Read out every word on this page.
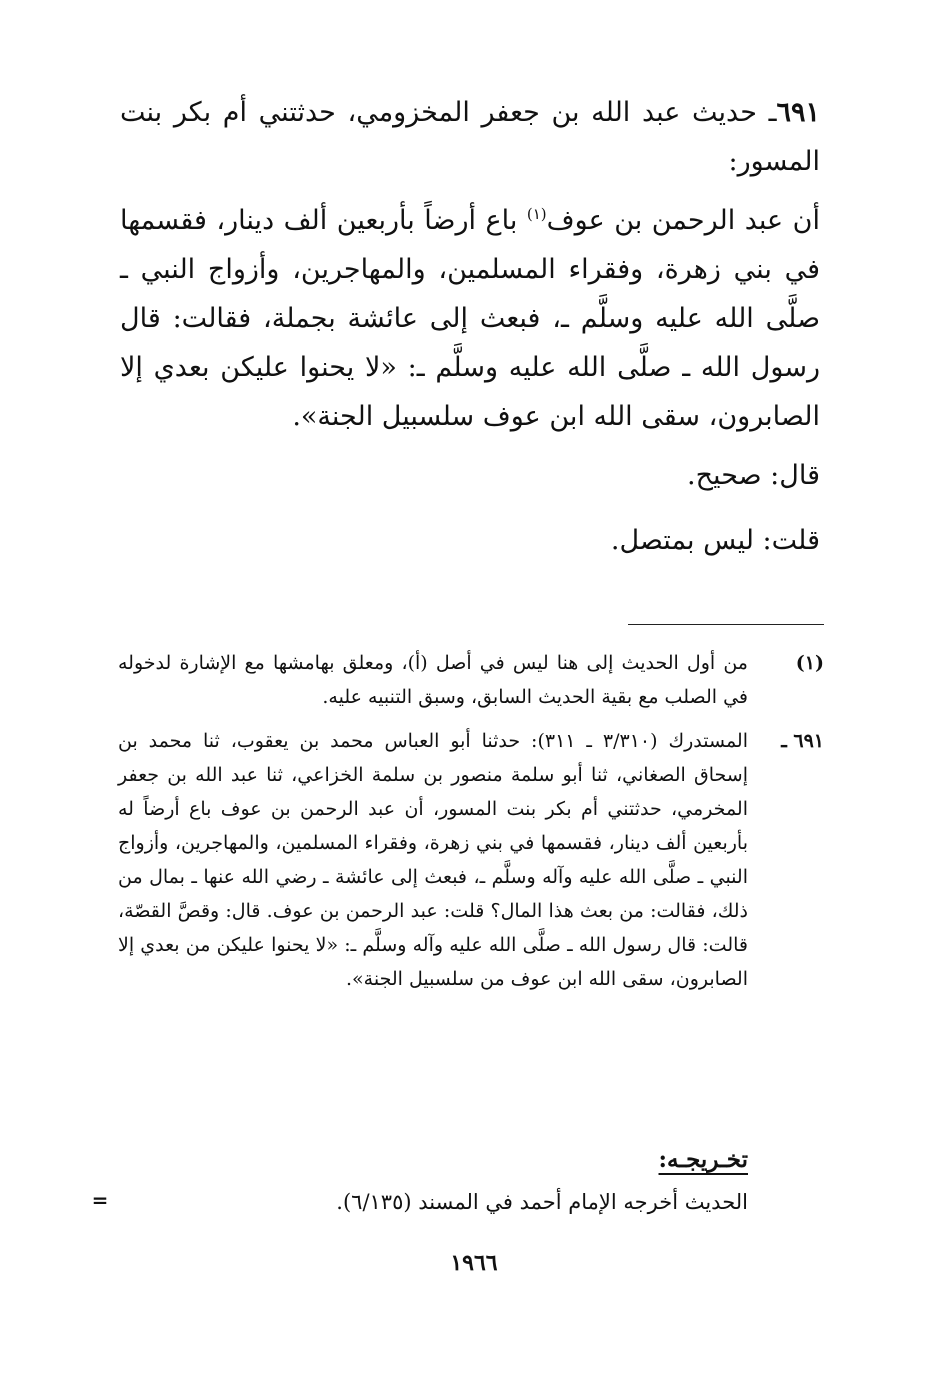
٦٩١ـ حديث عبد الله بن جعفر المخزومي، حدثتني أم بكر بنت المسور:

أن عبد الرحمن بن عوف$^{(١)}$ باع أرضاً بأربعين ألف دينار، فقسمها في بني زهرة، وفقراء المسلمين، والمهاجرين، وأزواج النبي ـ صلَّى الله عليه وسلَّم ـ، فبعث إلى عائشة بجملة، فقالت: قال رسول الله ـ صلَّى الله عليه وسلَّم ـ: «لا يحنوا عليكن بعدي إلا الصابرون، سقى الله ابن عوف سلسبيل الجنة».

قال: صحيح.

قلت: ليس بمتصل.

(١)
من أول الحديث إلى هنا ليس في أصل (أ)، ومعلق بهامشها مع الإشارة لدخوله في الصلب مع بقية الحديث السابق، وسبق التنبيه عليه.
٦٩١ ـ
المستدرك (٣/٣١٠ ـ ٣١١): حدثنا أبو العباس محمد بن يعقوب، ثنا محمد بن إسحاق الصغاني، ثنا أبو سلمة منصور بن سلمة الخزاعي، ثنا عبد الله بن جعفر المخرمي، حدثتني أم بكر بنت المسور، أن عبد الرحمن بن عوف باع أرضاً له بأربعين ألف دينار، فقسمها في بني زهرة، وفقراء المسلمين، والمهاجرين، وأزواج النبي ـ صلَّى الله عليه وآله وسلَّم ـ، فبعث إلى عائشة ـ رضي الله عنها ـ بمال من ذلك، فقالت: من بعث هذا المال؟ قلت: عبد الرحمن بن عوف. قال: وقصَّ القصّة، قالت: قال رسول الله ـ صلَّى الله عليه وآله وسلَّم ـ: «لا يحنوا عليكن من بعدي إلا الصابرون، سقى الله ابن عوف من سلسبيل الجنة».
تخـريجـه:

الحديث أخرجه الإمام أحمد في المسند (٦/١٣٥).

=
١٩٦٦
